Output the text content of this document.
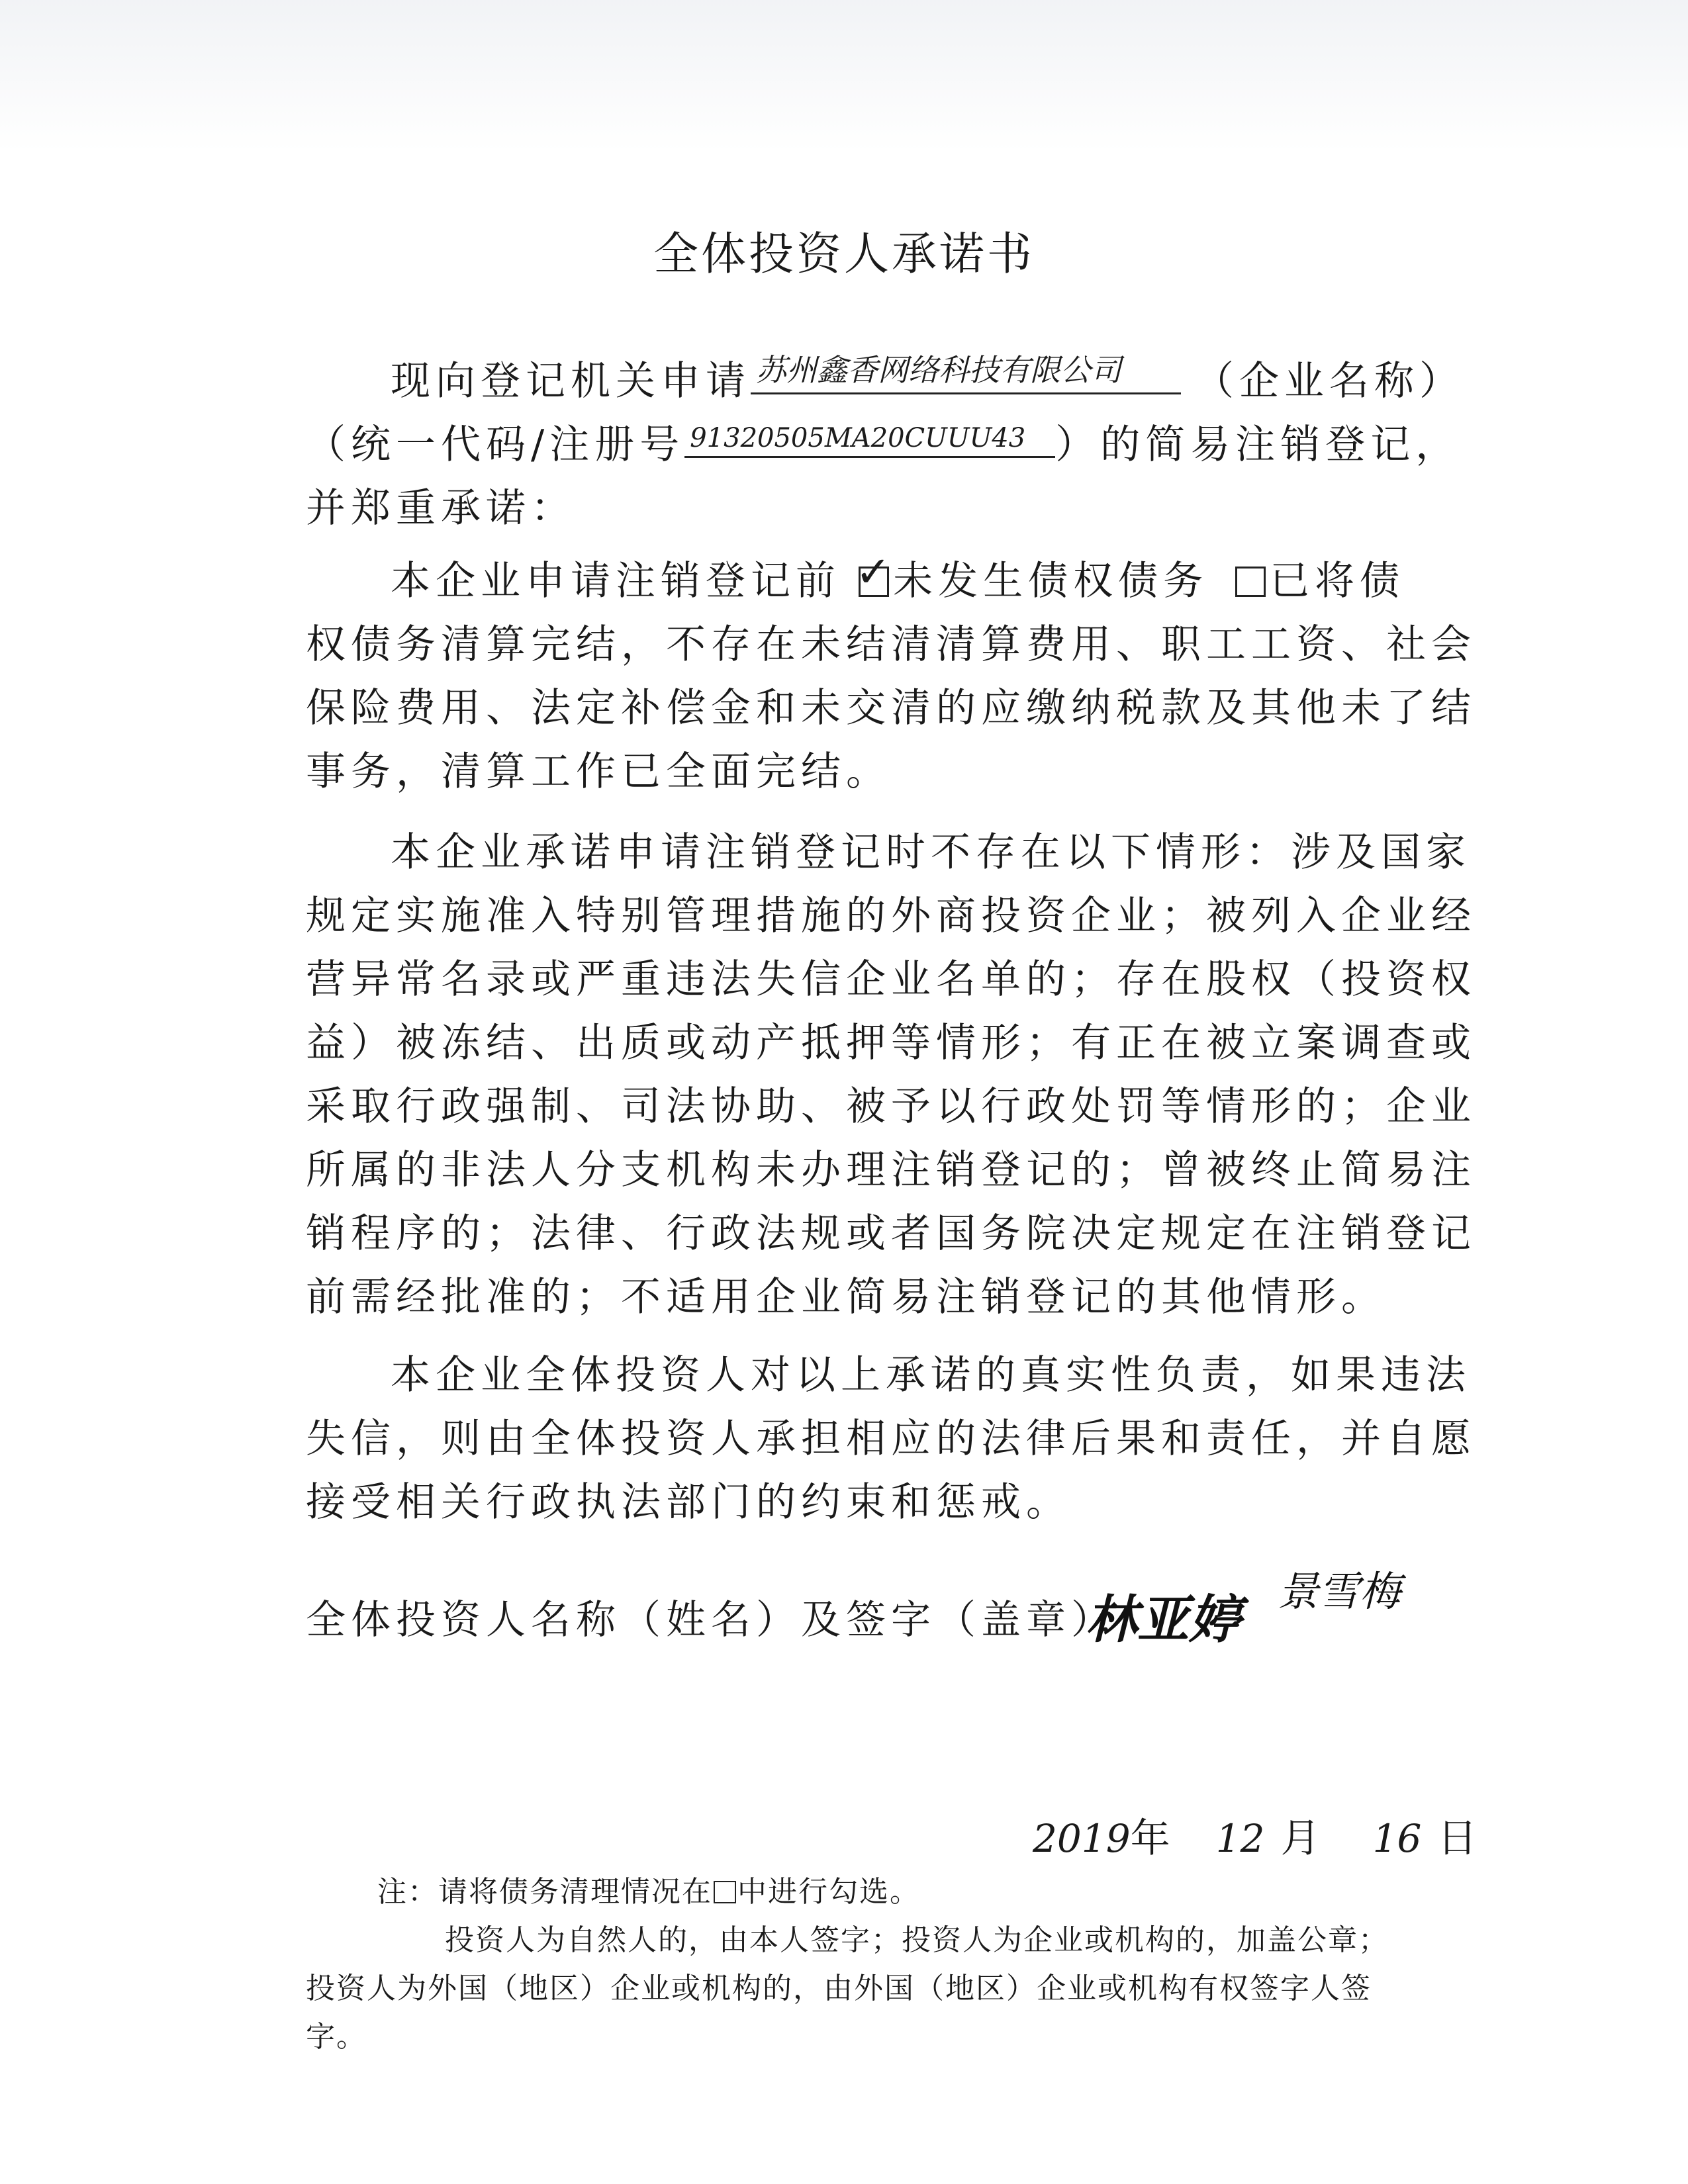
全体投资人承诺书
现向登记机关申请 苏州鑫香网络科技有限公司 （企业名称）
（统一代码/注册号 91320505MA20CUUU43 ）的简易注销登记，
并郑重承诺：
本企业申请注销登记前 ✓
未发生债权债务 已将债
权债务清算完结，不存在未结清清算费用、职工工资、社会
保险费用、法定补偿金和未交清的应缴纳税款及其他未了结
事务，清算工作已全面完结。
本企业承诺申请注销登记时不存在以下情形：涉及国家
规定实施准入特别管理措施的外商投资企业；被列入企业经
营异常名录或严重违法失信企业名单的；存在股权（投资权
益）被冻结、出质或动产抵押等情形；有正在被立案调查或
采取行政强制、司法协助、被予以行政处罚等情形的；企业
所属的非法人分支机构未办理注销登记的；曾被终止简易注
销程序的；法律、行政法规或者国务院决定规定在注销登记
前需经批准的；不适用企业简易注销登记的其他情形。
本企业全体投资人对以上承诺的真实性负责，如果违法
失信，则由全体投资人承担相应的法律后果和责任，并自愿
接受相关行政执法部门的约束和惩戒。
全体投资人名称（姓名）及签字（盖章）：
林亚婷 景雪梅
2019年 12 月 16 日
注：请将债务清理情况在 中进行勾选。
投资人为自然人的，由本人签字；投资人为企业或机构的，加盖公章；
投资人为外国（地区）企业或机构的，由外国（地区）企业或机构有权签字人签
字。
